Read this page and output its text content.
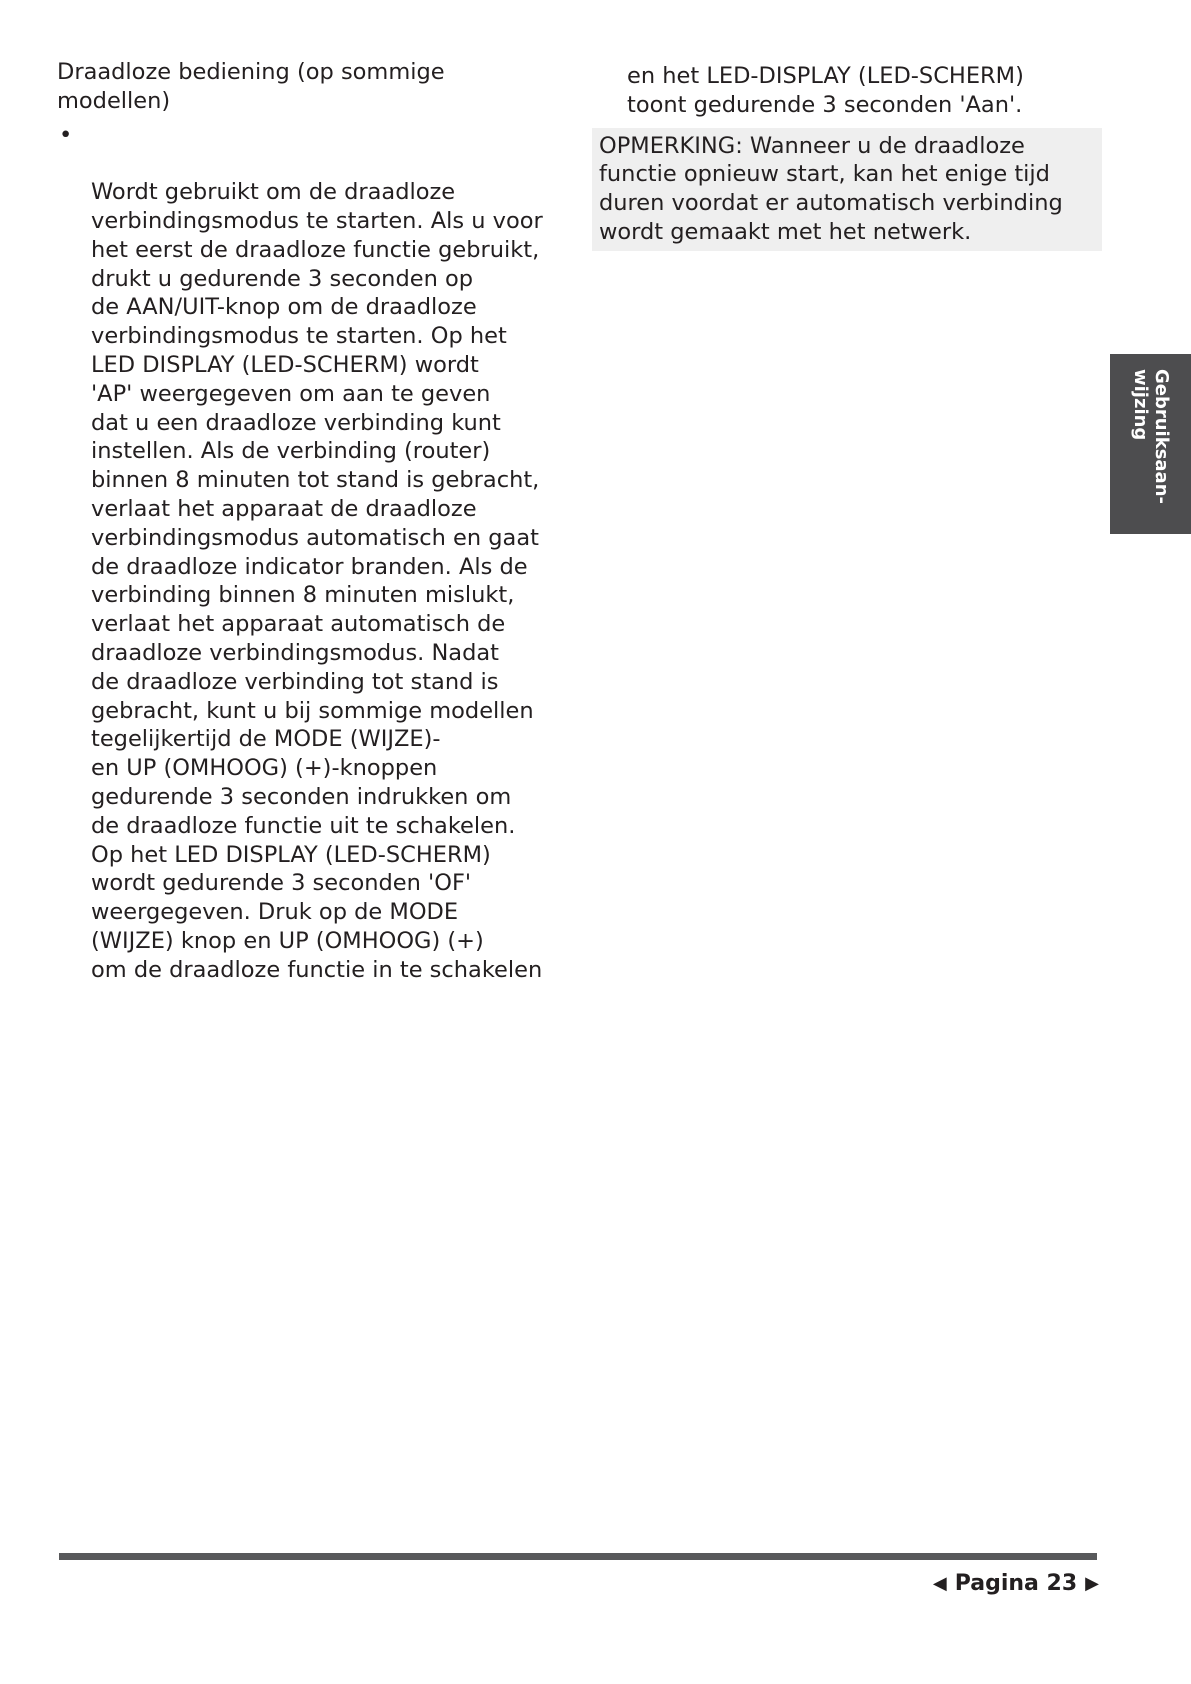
Draadloze bediening (op sommige
modellen)

•

Wordt gebruikt om de draadloze
verbindingsmodus te starten. Als u voor
het eerst de draadloze functie gebruikt,
drukt u gedurende 3 seconden op
de AAN/UIT-knop om de draadloze
verbindingsmodus te starten. Op het
LED DISPLAY (LED-SCHERM) wordt
'AP' weergegeven om aan te geven
dat u een draadloze verbinding kunt
instellen. Als de verbinding (router)
binnen 8 minuten tot stand is gebracht,
verlaat het apparaat de draadloze
verbindingsmodus automatisch en gaat
de draadloze indicator branden. Als de
verbinding binnen 8 minuten mislukt,
verlaat het apparaat automatisch de
draadloze verbindingsmodus. Nadat
de draadloze verbinding tot stand is
gebracht, kunt u bij sommige modellen
tegelijkertijd de MODE (WIJZE)-
en UP (OMHOOG) (+)-knoppen
gedurende 3 seconden indrukken om
de draadloze functie uit te schakelen.
Op het LED DISPLAY (LED-SCHERM)
wordt gedurende 3 seconden 'OF'
weergegeven. Druk op de MODE
(WIJZE) knop en UP (OMHOOG) (+)
om de draadloze functie in te schakelen

en het LED-DISPLAY (LED-SCHERM)
toont gedurende 3 seconden 'Aan'.
OPMERKING: Wanneer u de draadloze
functie opnieuw start, kan het enige tijd
duren voordat er automatisch verbinding
wordt gemaakt met het netwerk.
Gebruiksaan-
wijzing
◀ Pagina 23 ▶
